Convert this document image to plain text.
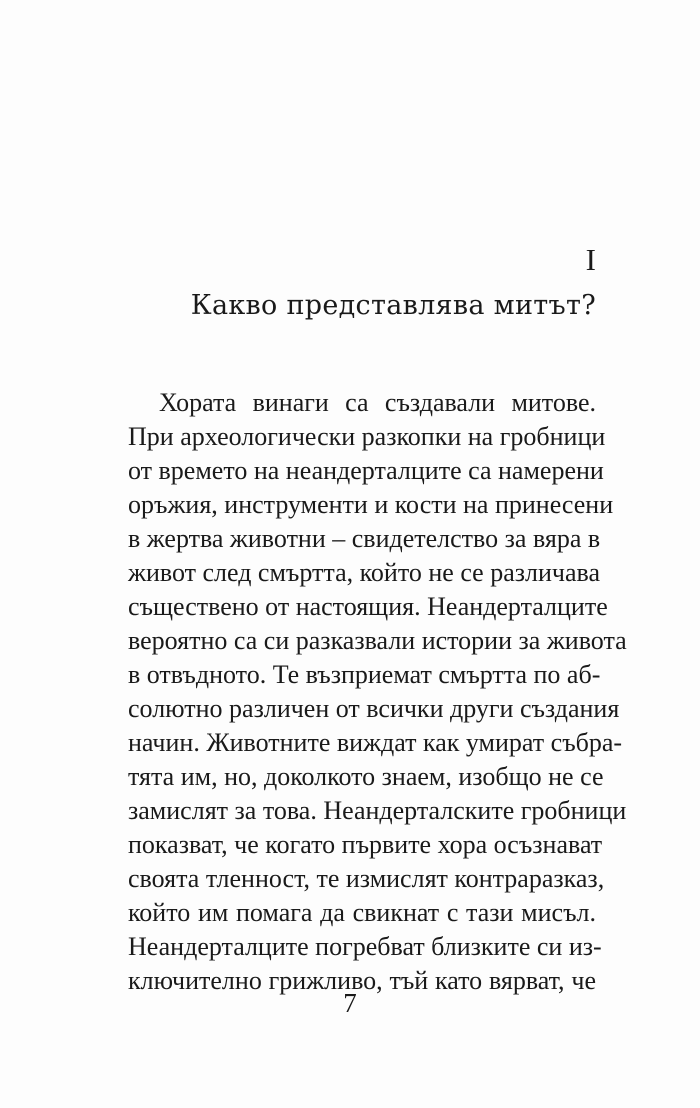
I
Какво представлява митът?
Хората винаги са създавали митове.
При археологически разкопки на гробници
от времето на неандерталците са намерени
оръжия, инструменти и кости на принесени
в жертва животни – свидетелство за вяра в
живот след смъртта, който не се различава
съществено от настоящия. Неандерталците
вероятно са си разказвали истории за живота
в отвъдното. Те възприемат смъртта по аб-
солютно различен от всички други създания
начин. Животните виждат как умират събра-
тята им, но, доколкото знаем, изобщо не се
замислят за това. Неандерталските гробници
показват, че когато първите хора осъзнават
своята тленност, те измислят контраразказ,
който им помага да свикнат с тази мисъл.
Неандерталците погребват близките си из-
ключително грижливо, тъй като вярват, че
7
